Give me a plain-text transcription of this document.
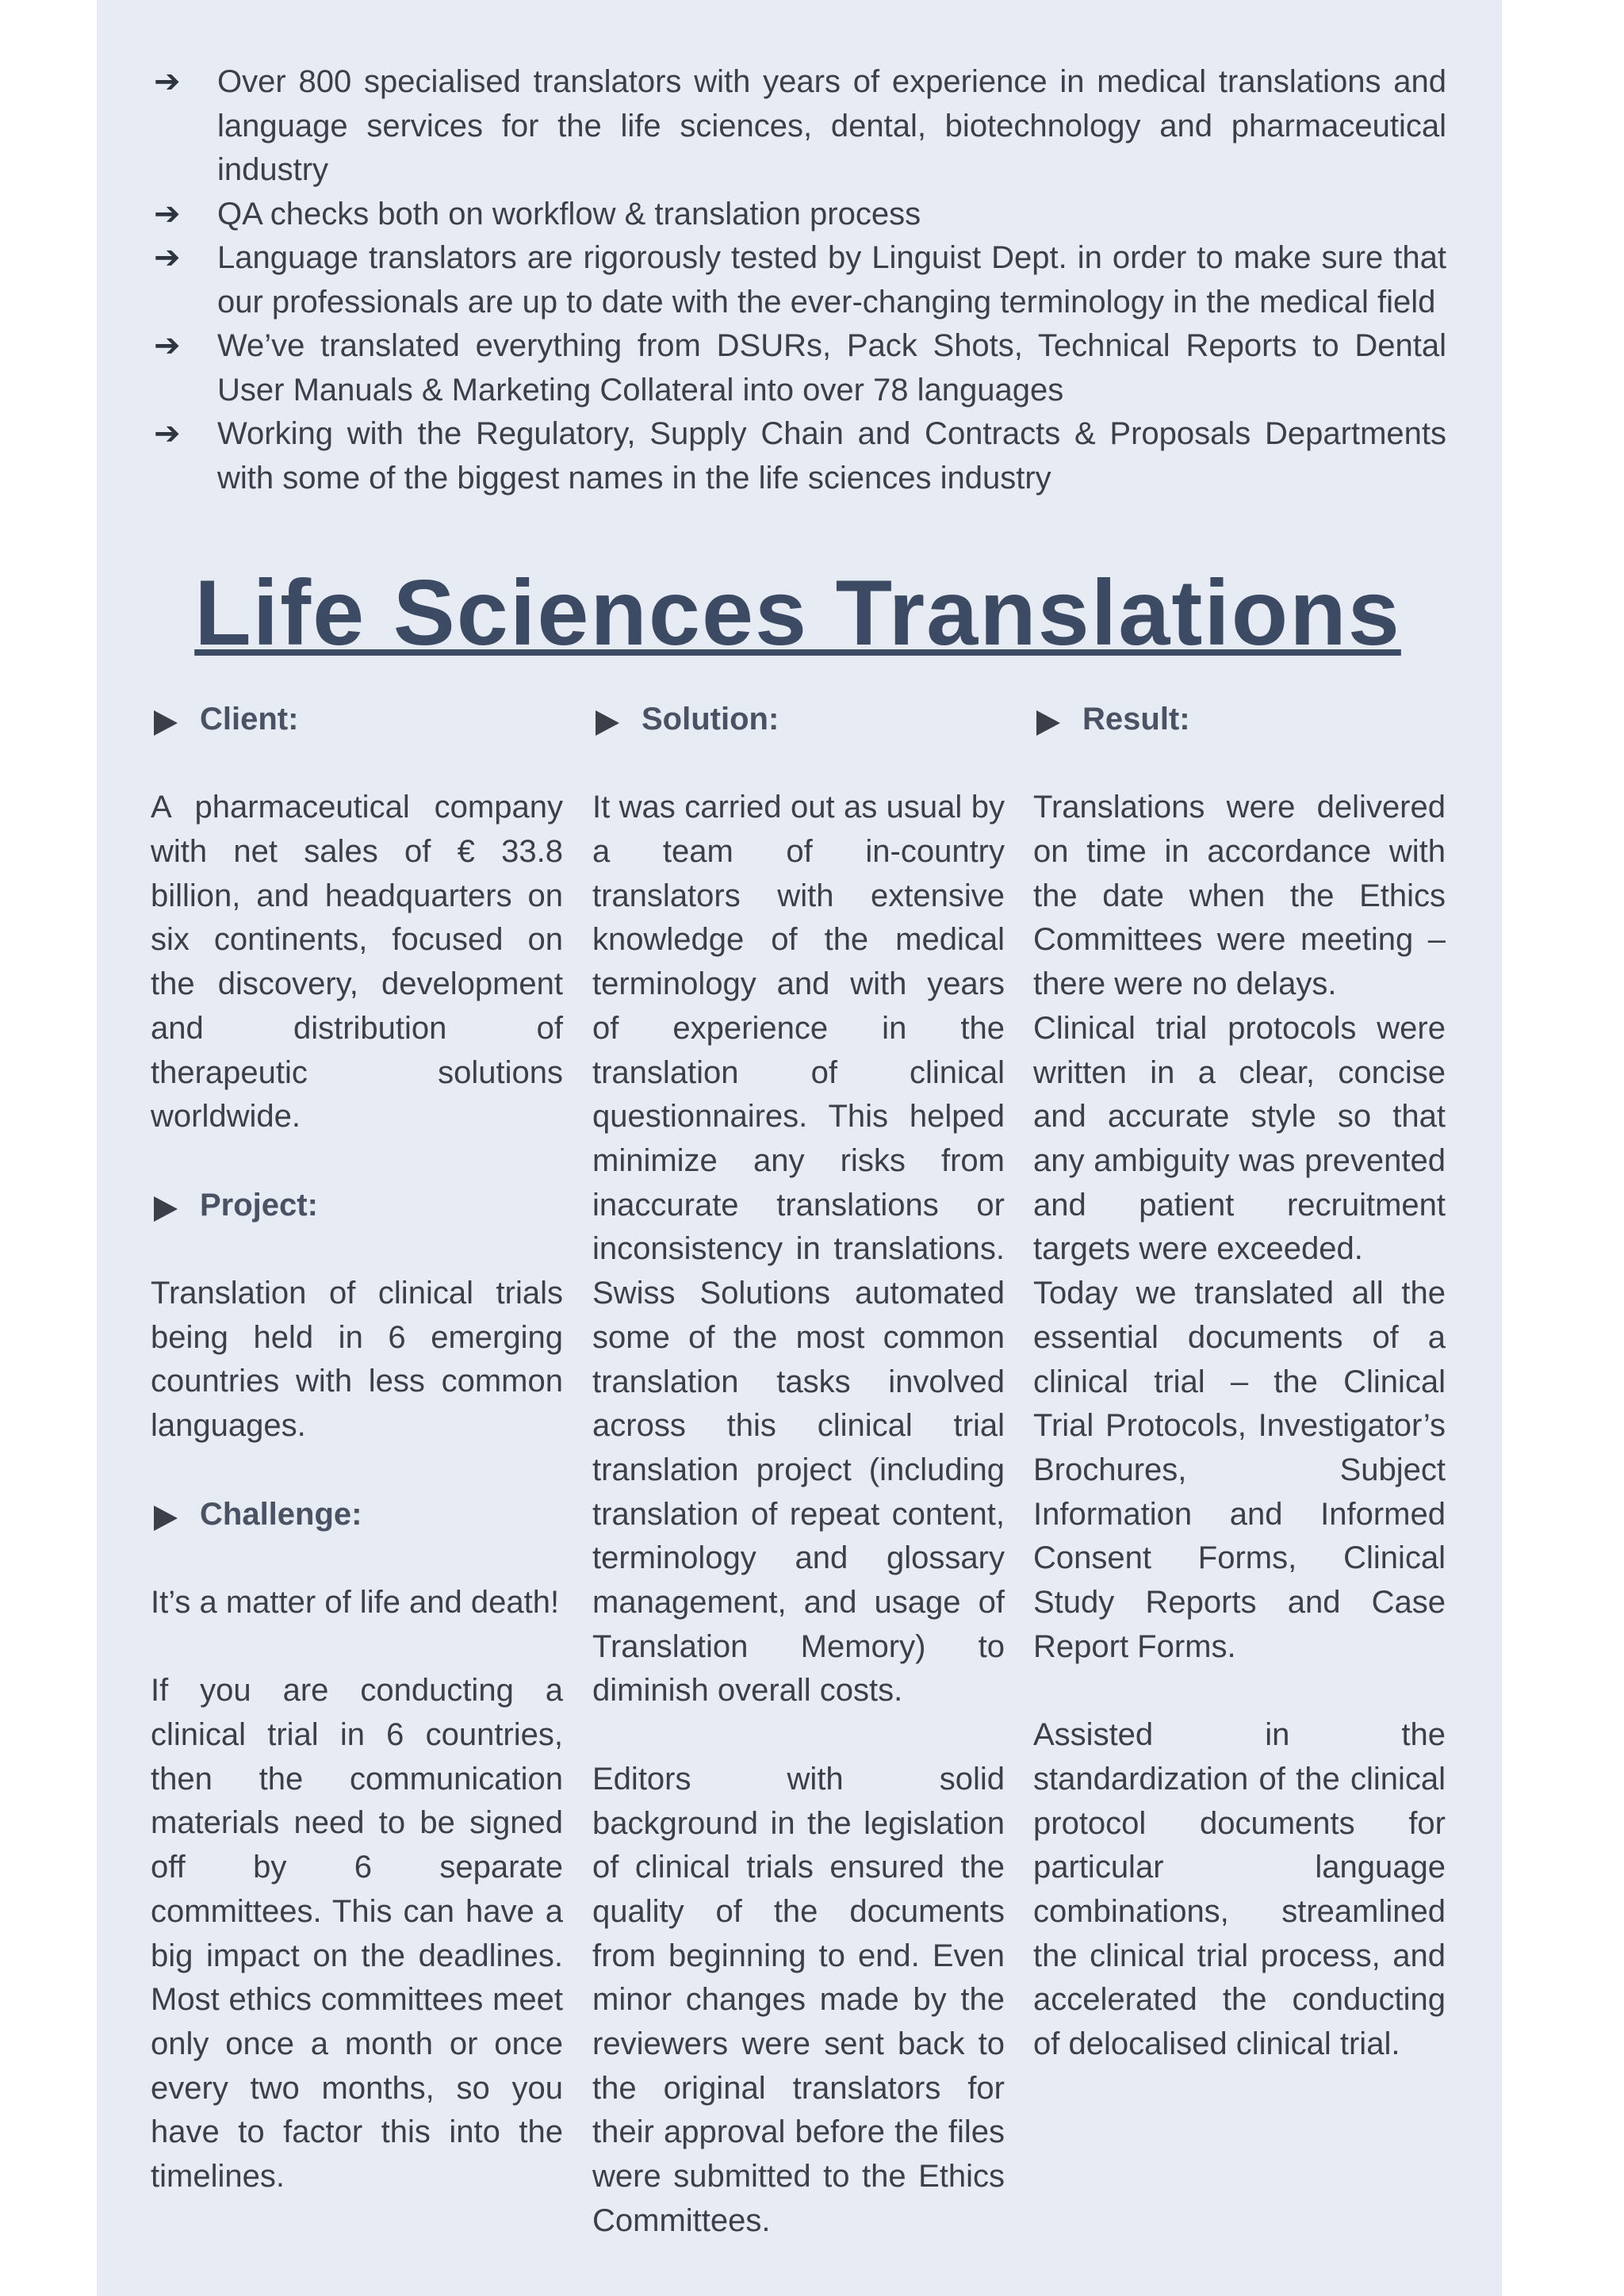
➔ Over 800 specialised translators with years of experience in medical translations and language services for the life sciences, dental, biotechnology and pharmaceutical industry
➔ QA checks both on workflow & translation process
➔ Language translators are rigorously tested by Linguist Dept. in order to make sure that our professionals are up to date with the ever-changing terminology in the medical field
➔ We’ve translated everything from DSURs, Pack Shots, Technical Reports to Dental User Manuals & Marketing Collateral into over 78 languages
➔ Working with the Regulatory, Supply Chain and Contracts & Proposals Departments with some of the biggest names in the life sciences industry
Life Sciences Translations
Client:

A pharmaceutical company with net sales of € 33.8 billion, and headquarters on six continents, focused on the discovery, development and distribution of therapeutic solutions worldwide.

Project:

Translation of clinical trials being held in 6 emerging countries with less common languages.

Challenge:

It’s a matter of life and death!

If you are conducting a clinical trial in 6 countries, then the communication materials need to be signed off by 6 separate committees. This can have a big impact on the deadlines. Most ethics committees meet only once a month or once every two months, so you have to factor this into the timelines.

Solution:

It was carried out as usual by a team of in-country translators with extensive knowledge of the medical terminology and with years of experience in the translation of clinical questionnaires. This helped minimize any risks from inaccurate translations or inconsistency in translations. Swiss Solutions automated some of the most common translation tasks involved across this clinical trial translation project (including translation of repeat content, terminology and glossary management, and usage of Translation Memory) to diminish overall costs.

Editors with solid background in the legislation of clinical trials ensured the quality of the documents from beginning to end. Even minor changes made by the reviewers were sent back to the original translators for their approval before the files were submitted to the Ethics Committees.

Result:

Translations were delivered on time in accordance with the date when the Ethics Committees were meeting – there were no delays.

Clinical trial protocols were written in a clear, concise and accurate style so that any ambiguity was prevented and patient recruitment targets were exceeded.

Today we translated all the essential documents of a clinical trial – the Clinical Trial Protocols, Investigator’s Brochures, Subject Information and Informed Consent Forms, Clinical Study Reports and Case Report Forms.

Assisted in the standardization of the clinical protocol documents for particular language combinations, streamlined the clinical trial process, and accelerated the conducting of delocalised clinical trial.
